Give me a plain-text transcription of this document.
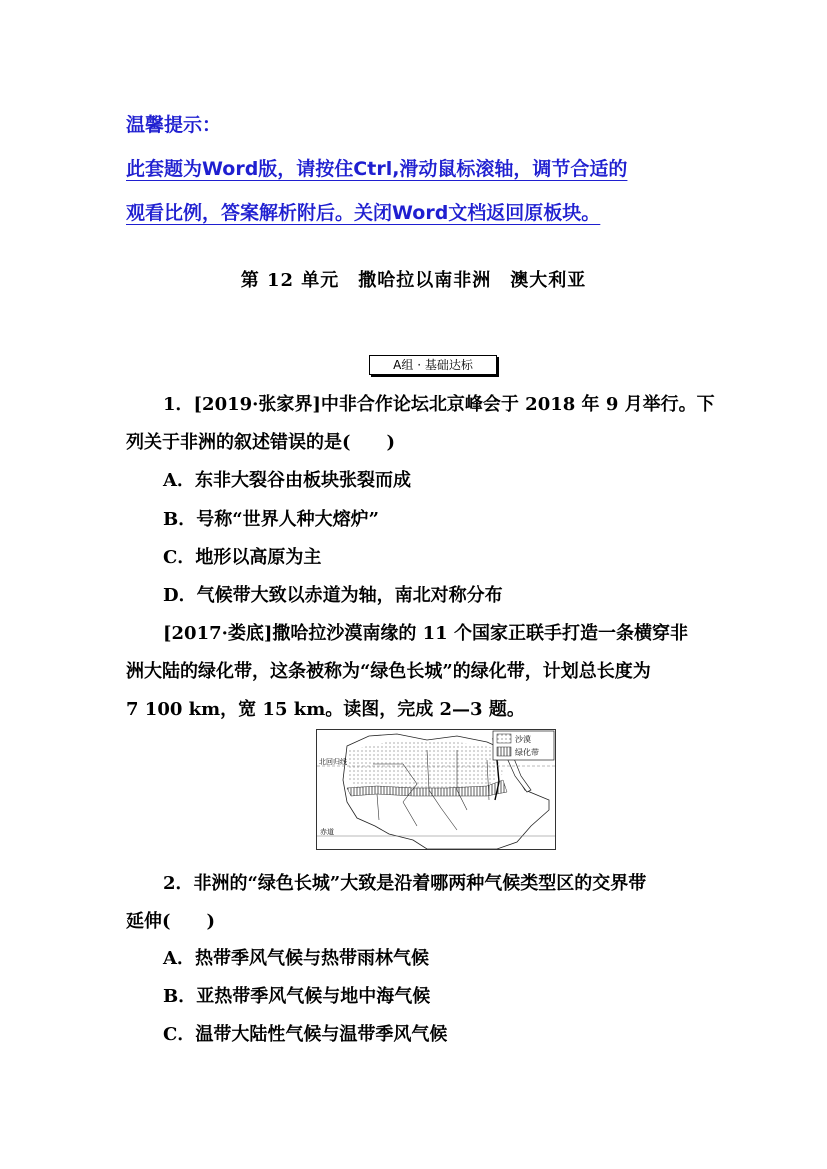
温馨提示：
此套题为Word版，请按住Ctrl,滑动鼠标滚轴，调节合适的
观看比例，答案解析附后。关闭Word文档返回原板块。
第 12 单元　撒哈拉以南非洲　澳大利亚
A组 · 基础达标
1．[2019·张家界]中非合作论坛北京峰会于 2018 年 9 月举行。下
列关于非洲的叙述错误的是(　　)
A．东非大裂谷由板块张裂而成
B．号称“世界人种大熔炉”
C．地形以高原为主
D．气候带大致以赤道为轴，南北对称分布
[2017·娄底]撒哈拉沙漠南缘的 11 个国家正联手打造一条横穿非
洲大陆的绿化带，这条被称为“绿色长城”的绿化带，计划总长度为
7 100 km，宽 15 km。读图，完成 2—3 题。
北回归线
赤道
沙漠
绿化带
2．非洲的“绿色长城”大致是沿着哪两种气候类型区的交界带
延伸(　　)
A．热带季风气候与热带雨林气候
B．亚热带季风气候与地中海气候
C．温带大陆性气候与温带季风气候
